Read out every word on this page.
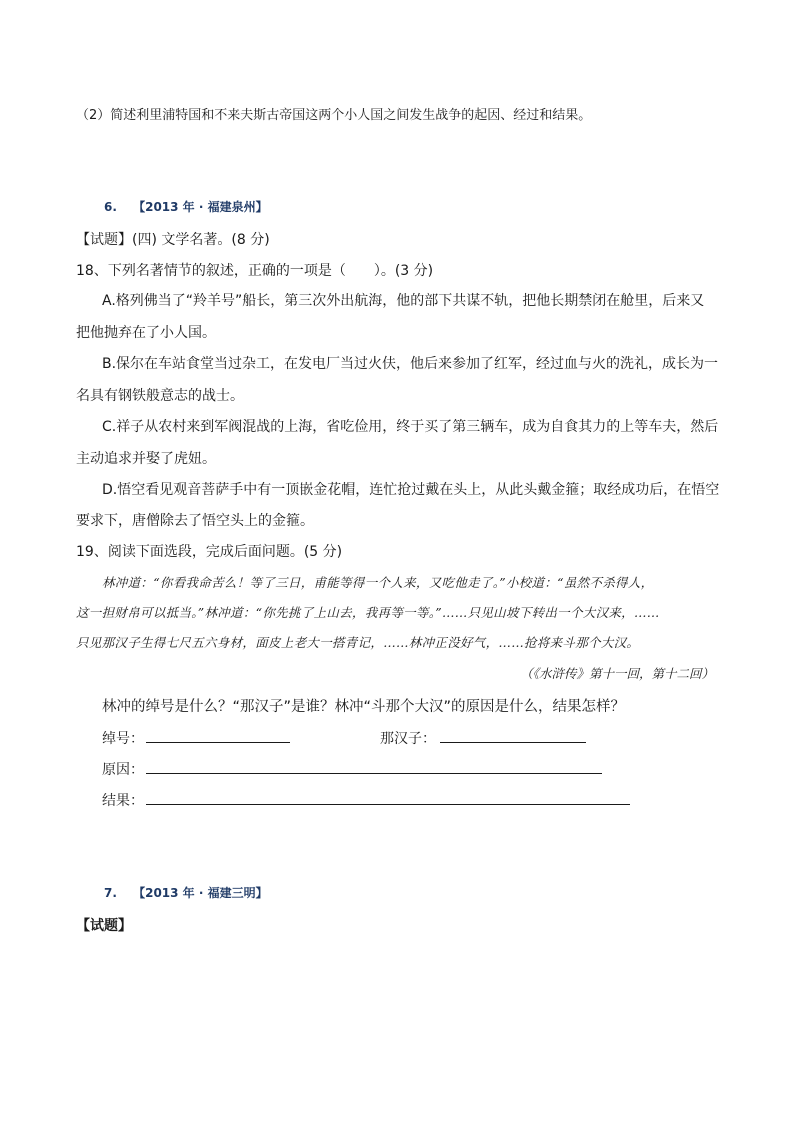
（2）简述利里浦特国和不来夫斯古帝国这两个小人国之间发生战争的起因、经过和结果。
6. 【2013 年 · 福建泉州】
【试题】(四) 文学名著。(8 分)
18、下列名著情节的叙述，正确的一项是（　　）。(3 分)
A.格列佛当了“羚羊号”船长，第三次外出航海，他的部下共谋不轨，把他长期禁闭在舱里，后来又
把他抛弃在了小人国。
B.保尔在车站食堂当过杂工，在发电厂当过火伕，他后来参加了红军，经过血与火的洗礼，成长为一
名具有钢铁般意志的战士。
C.祥子从农村来到军阀混战的上海，省吃俭用，终于买了第三辆车，成为自食其力的上等车夫，然后
主动追求并娶了虎妞。
D.悟空看见观音菩萨手中有一顶嵌金花帽，连忙抢过戴在头上，从此头戴金箍；取经成功后，在悟空
要求下，唐僧除去了悟空头上的金箍。
19、阅读下面选段，完成后面问题。(5 分)
林冲道：“你看我命苦么！等了三日，甫能等得一个人来，又吃他走了。”小校道：“虽然不杀得人，
这一担财帛可以抵当。”林冲道：“你先挑了上山去，我再等一等。”……只见山坡下转出一个大汉来，……
只见那汉子生得七尺五六身材，面皮上老大一搭青记，……林冲正没好气，……抢将来斗那个大汉。
（《水浒传》第十一回，第十二回）
林冲的绰号是什么？“那汉子”是谁？林冲“斗那个大汉”的原因是什么，结果怎样？
绰号：	那汉子：
原因：
结果：
7. 【2013 年 · 福建三明】
【试题】
